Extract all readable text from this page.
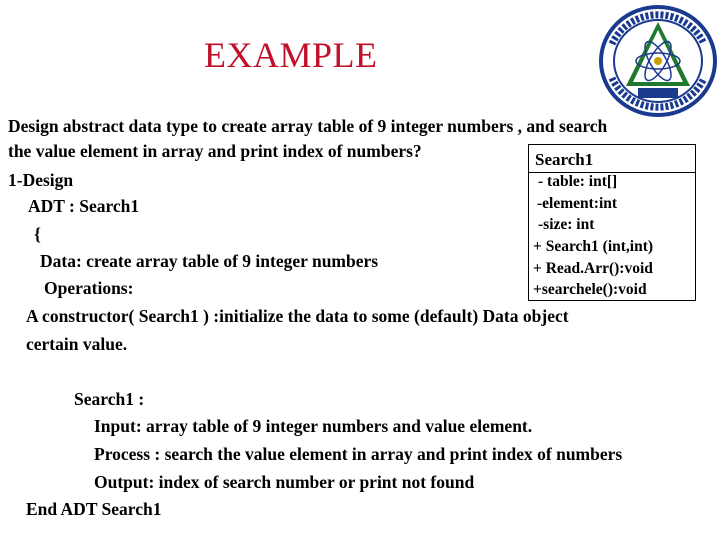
EXAMPLE
Design abstract data type to create array table of 9 integer numbers , and search
the value element in array and print index of numbers?
1-Design
ADT : Search1
{
Data: create array table of 9 integer numbers
Operations:
A constructor( Search1 ) :initialize the data to some (default) Data object
certain value.
Search1 :
Input: array table of 9 integer numbers and value element.
Process : search the value element in array and print index of numbers
Output: index of search number or print not found
End ADT Search1
Search1
- table: int[]
-element:int
-size: int
+ Search1 (int,int)
+ Read.Arr():void
+searchele():void
